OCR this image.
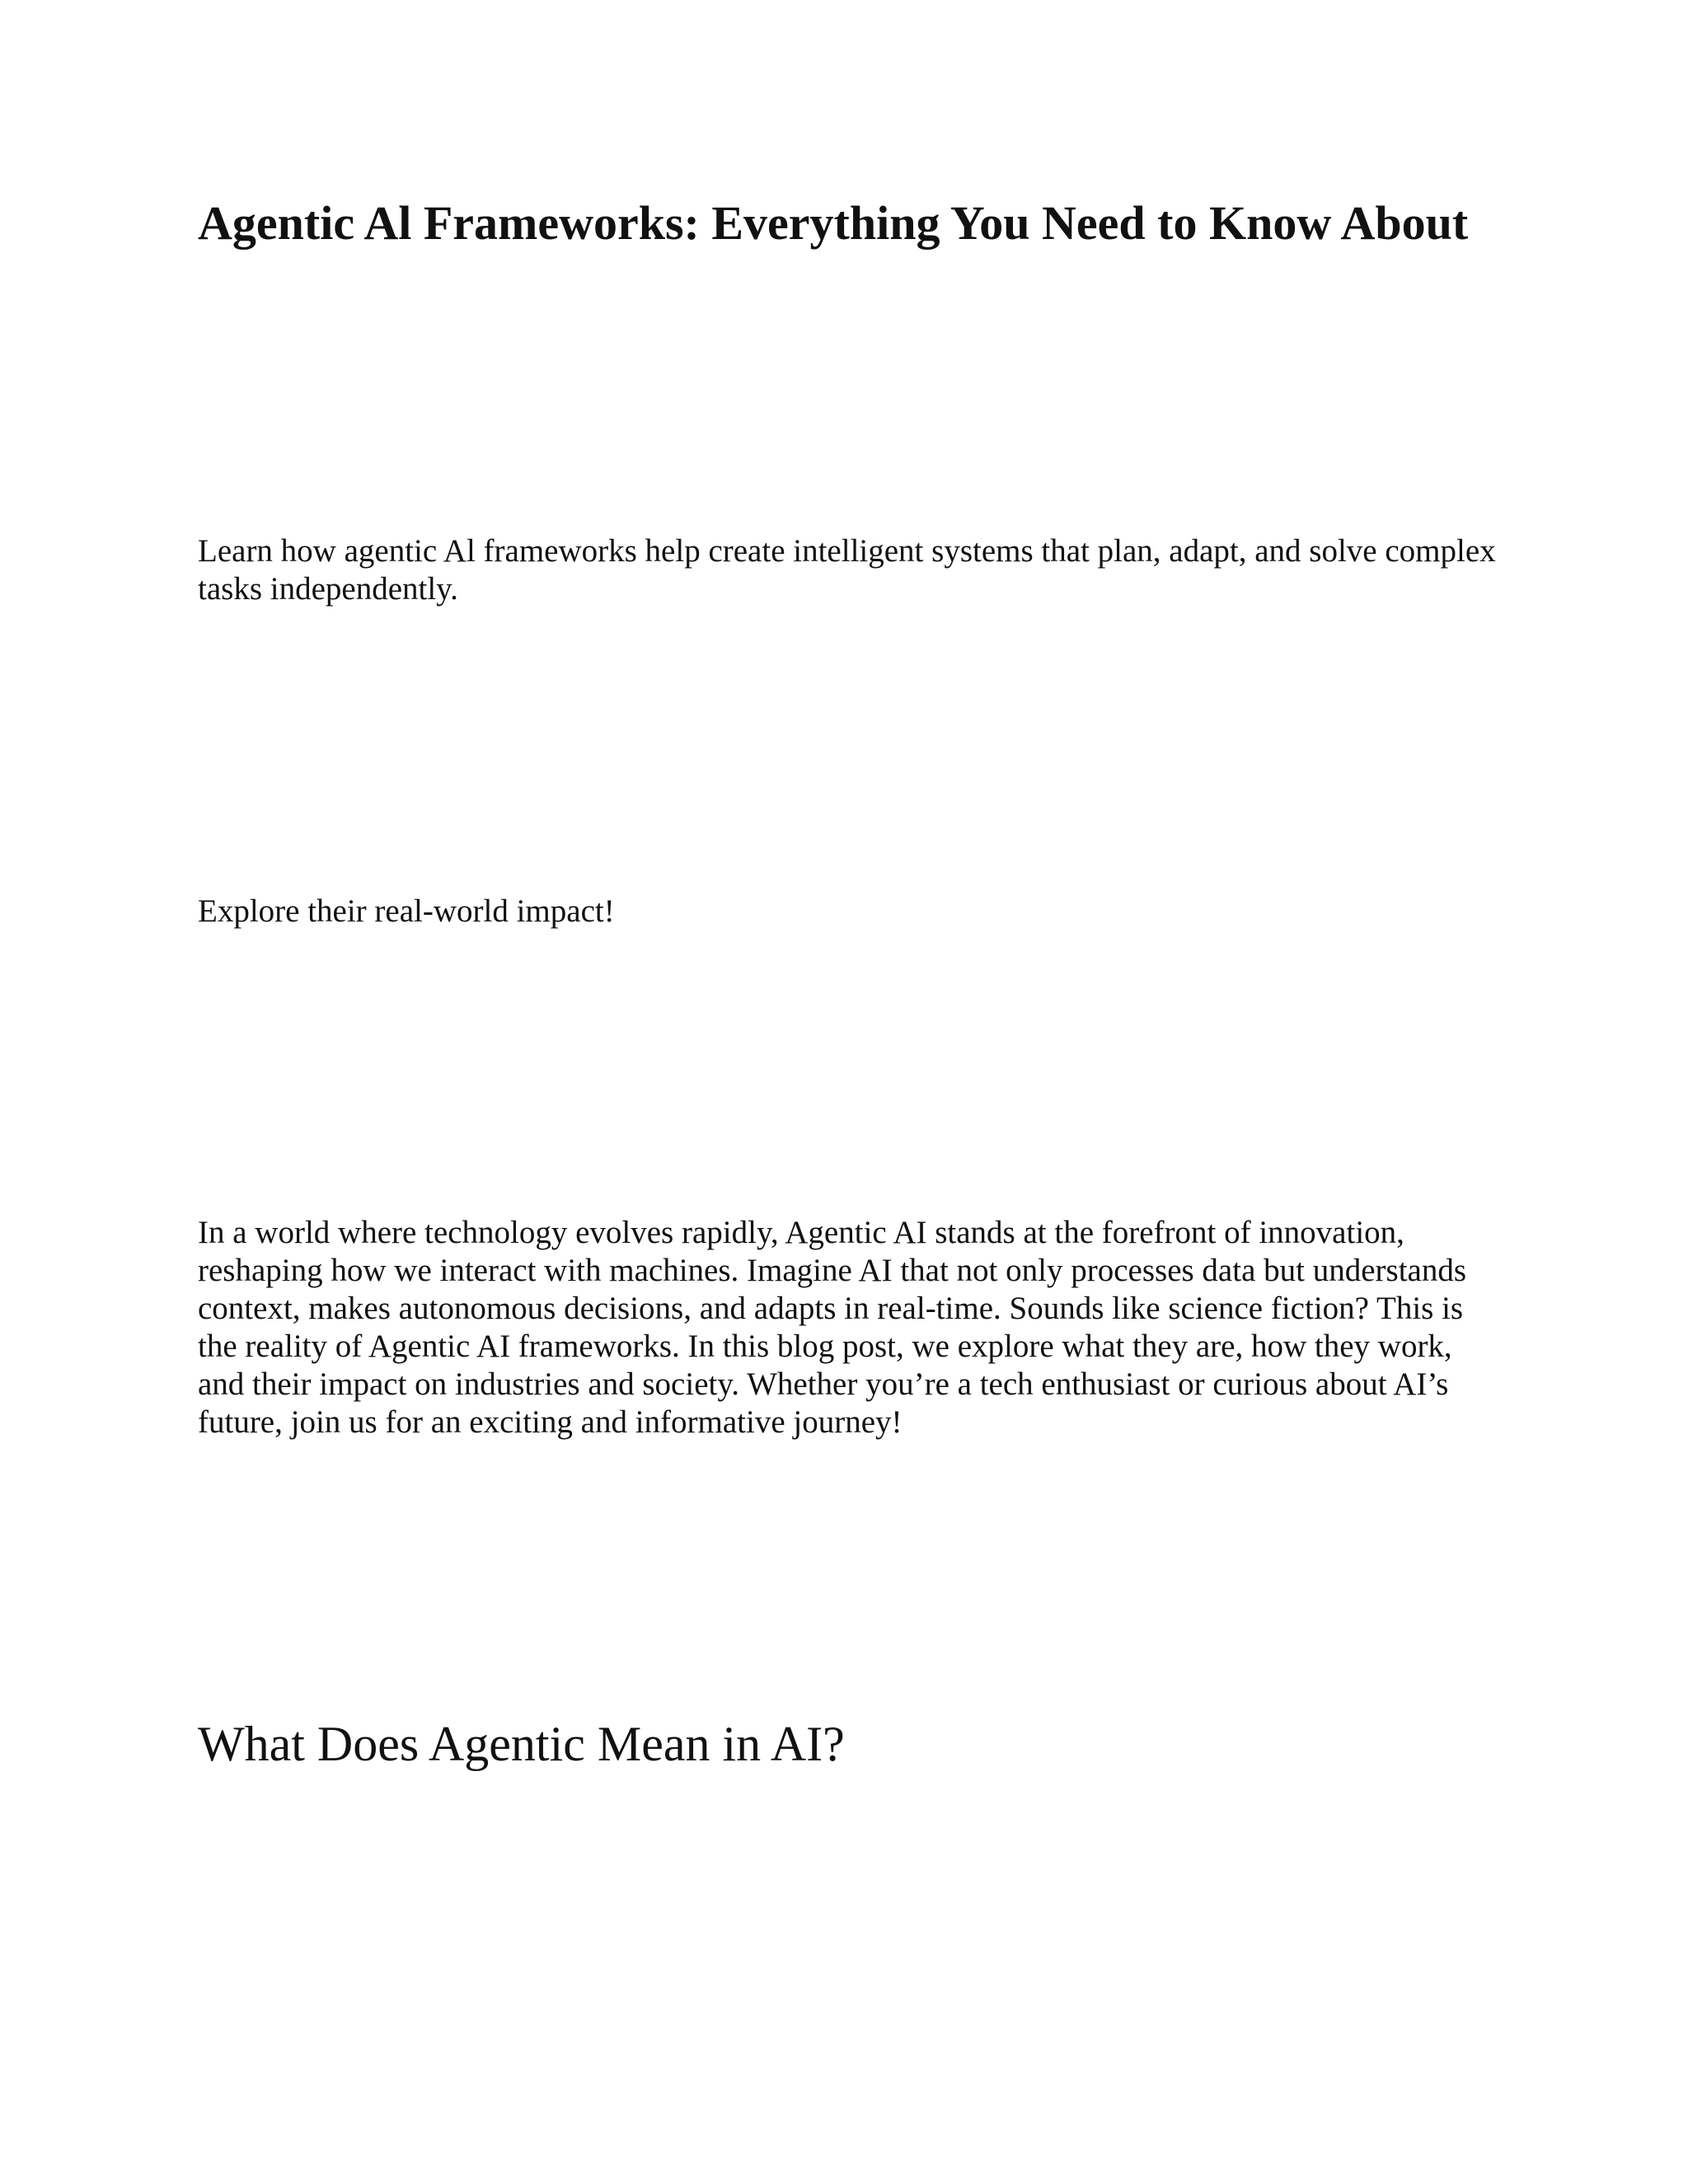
Agentic Al Frameworks: Everything You Need to Know About

Learn how agentic Al frameworks help create intelligent systems that plan, adapt, and solve complex tasks independently.

Explore their real-world impact!

In a world where technology evolves rapidly, Agentic AI stands at the forefront of innovation, reshaping how we interact with machines. Imagine AI that not only processes data but understands context, makes autonomous decisions, and adapts in real-time. Sounds like science fiction? This is the reality of Agentic AI frameworks. In this blog post, we explore what they are, how they work, and their impact on industries and society. Whether you’re a tech enthusiast or curious about AI’s future, join us for an exciting and informative journey!

What Does Agentic Mean in AI?
